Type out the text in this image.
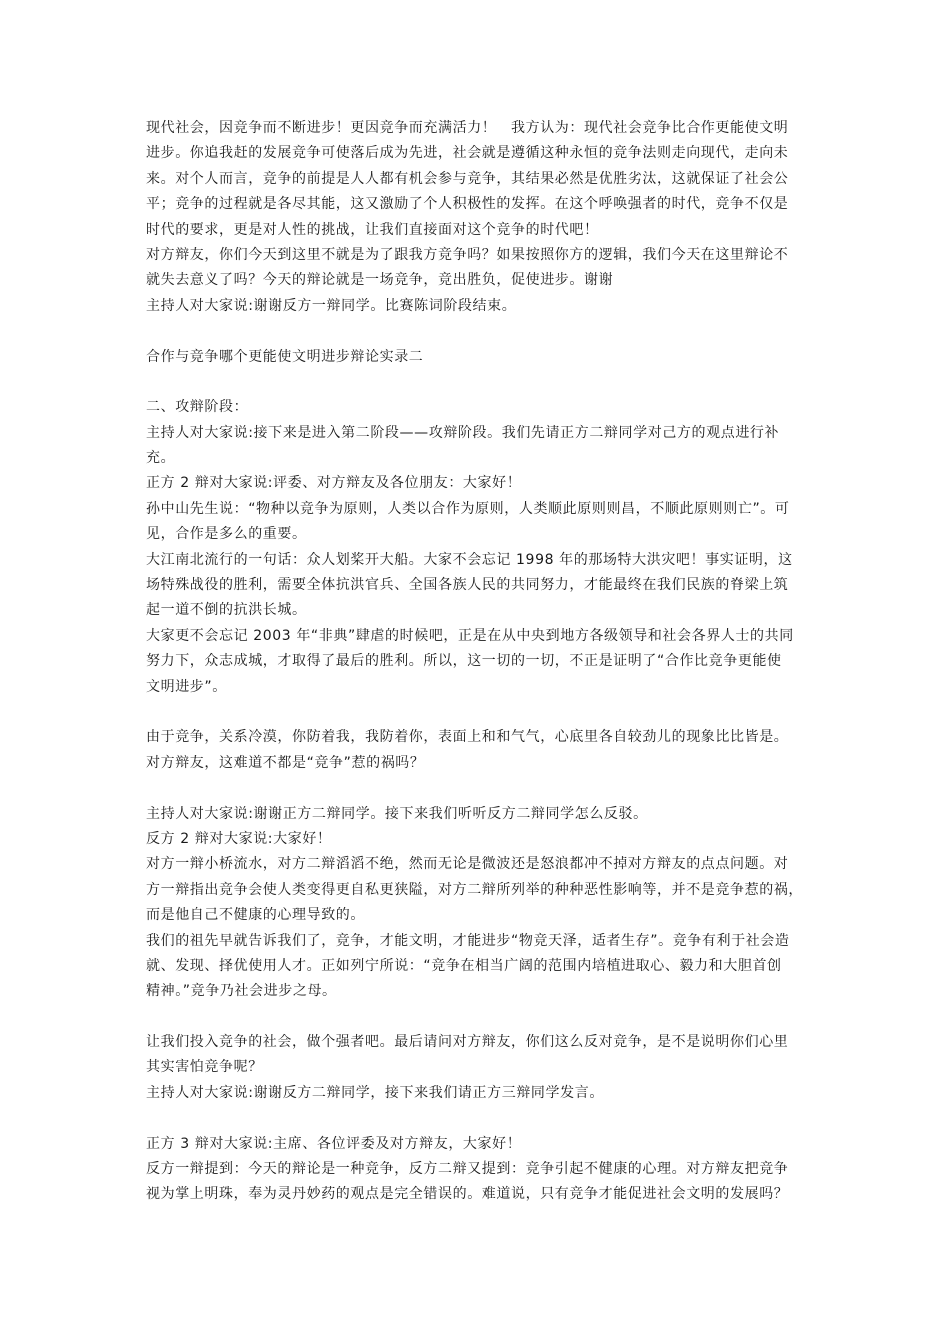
现代社会，因竞争而不断进步！更因竞争而充满活力！　我方认为：现代社会竞争比合作更能使文明
进步。你追我赶的发展竞争可使落后成为先进，社会就是遵循这种永恒的竞争法则走向现代，走向未
来。对个人而言，竞争的前提是人人都有机会参与竞争，其结果必然是优胜劣汰，这就保证了社会公
平；竞争的过程就是各尽其能，这又激励了个人积极性的发挥。在这个呼唤强者的时代，竞争不仅是
时代的要求，更是对人性的挑战，让我们直接面对这个竞争的时代吧！
对方辩友，你们今天到这里不就是为了跟我方竞争吗？如果按照你方的逻辑，我们今天在这里辩论不
就失去意义了吗？今天的辩论就是一场竞争，竞出胜负，促使进步。谢谢
主持人对大家说:谢谢反方一辩同学。比赛陈词阶段结束。
合作与竞争哪个更能使文明进步辩论实录二
二、攻辩阶段：
主持人对大家说:接下来是进入第二阶段——攻辩阶段。我们先请正方二辩同学对己方的观点进行补
充。
正方 2 辩对大家说:评委、对方辩友及各位朋友：大家好！
孙中山先生说：“物种以竞争为原则，人类以合作为原则，人类顺此原则则昌，不顺此原则则亡”。可
见，合作是多么的重要。
大江南北流行的一句话：众人划桨开大船。大家不会忘记 1998 年的那场特大洪灾吧！事实证明，这
场特殊战役的胜利，需要全体抗洪官兵、全国各族人民的共同努力，才能最终在我们民族的脊梁上筑
起一道不倒的抗洪长城。
大家更不会忘记 2003 年“非典”肆虐的时候吧，正是在从中央到地方各级领导和社会各界人士的共同
努力下，众志成城，才取得了最后的胜利。所以，这一切的一切，不正是证明了“合作比竞争更能使
文明进步”。
由于竞争，关系冷漠，你防着我，我防着你，表面上和和气气，心底里各自较劲儿的现象比比皆是。
对方辩友，这难道不都是“竞争”惹的祸吗？
主持人对大家说:谢谢正方二辩同学。接下来我们听听反方二辩同学怎么反驳。
反方 2 辩对大家说:大家好！
对方一辩小桥流水，对方二辩滔滔不绝，然而无论是微波还是怒浪都冲不掉对方辩友的点点问题。对
方一辩指出竞争会使人类变得更自私更狭隘，对方二辩所列举的种种恶性影响等，并不是竞争惹的祸，
而是他自己不健康的心理导致的。
我们的祖先早就告诉我们了，竞争，才能文明，才能进步“物竞天泽，适者生存”。竞争有利于社会造
就、发现、择优使用人才。正如列宁所说：“竞争在相当广阔的范围内培植进取心、毅力和大胆首创
精神。”竞争乃社会进步之母。
让我们投入竞争的社会，做个强者吧。最后请问对方辩友，你们这么反对竞争，是不是说明你们心里
其实害怕竞争呢？
主持人对大家说:谢谢反方二辩同学，接下来我们请正方三辩同学发言。
正方 3 辩对大家说:主席、各位评委及对方辩友，大家好！
反方一辩提到：今天的辩论是一种竞争，反方二辩又提到：竞争引起不健康的心理。对方辩友把竞争
视为掌上明珠，奉为灵丹妙药的观点是完全错误的。难道说，只有竞争才能促进社会文明的发展吗？
